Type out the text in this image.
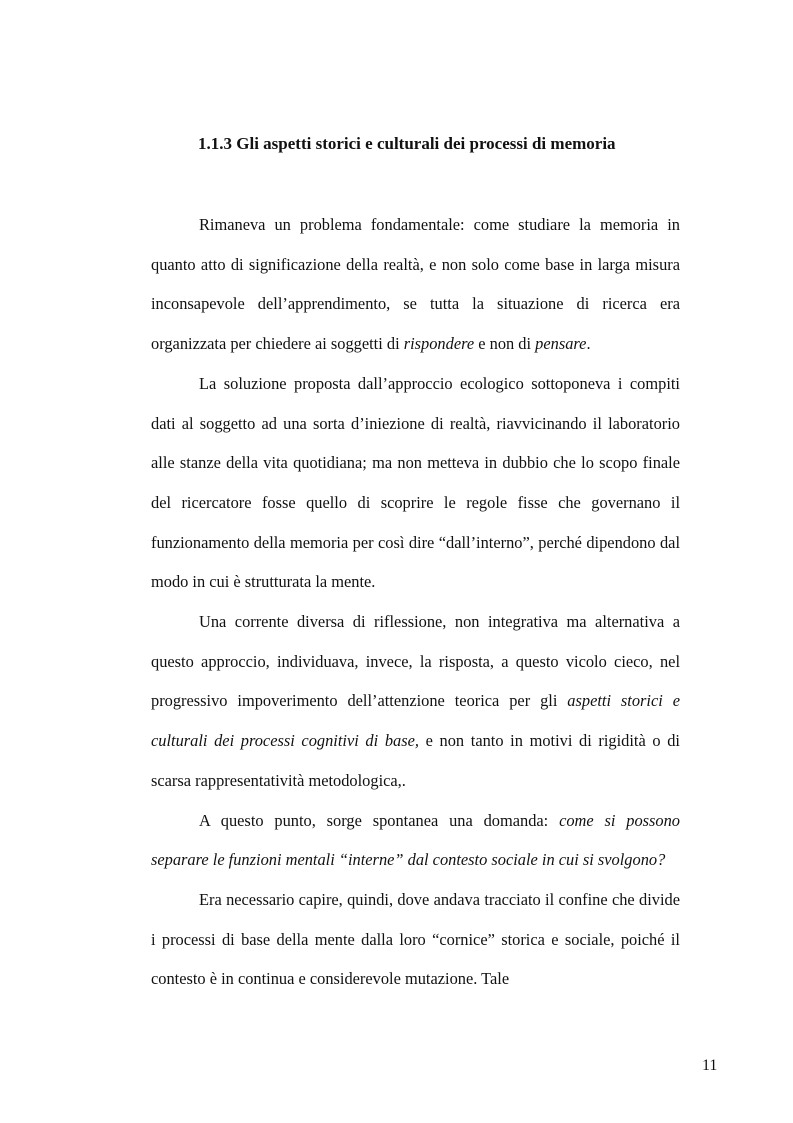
1.1.3 Gli aspetti storici e culturali dei processi di memoria

Rimaneva un problema fondamentale: come studiare la memoria in quanto atto di significazione della realtà, e non solo come base in larga misura inconsapevole dell’apprendimento, se tutta la situazione di ricerca era organizzata per chiedere ai soggetti di rispondere e non di pensare.

La soluzione proposta dall’approccio ecologico sottoponeva i compiti dati al soggetto ad una sorta d’iniezione di realtà, riavvicinando il laboratorio alle stanze della vita quotidiana; ma non metteva in dubbio che lo scopo finale del ricercatore fosse quello di scoprire le regole fisse che governano il funzionamento della memoria per così dire “dall’interno”, perché dipendono dal modo in cui è strutturata la mente.

Una corrente diversa di riflessione, non integrativa ma alternativa a questo approccio, individuava, invece, la risposta, a questo vicolo cieco, nel progressivo impoverimento dell’attenzione teorica per gli aspetti storici e culturali dei processi cognitivi di base, e non tanto in motivi di rigidità o di scarsa rappresentatività metodologica,.

A questo punto, sorge spontanea una domanda: come si possono separare le funzioni mentali “interne” dal contesto sociale in cui si svolgono?

Era necessario capire, quindi, dove andava tracciato il confine che divide i processi di base della mente dalla loro “cornice” storica e sociale, poiché il contesto è in continua e considerevole mutazione. Tale

11
